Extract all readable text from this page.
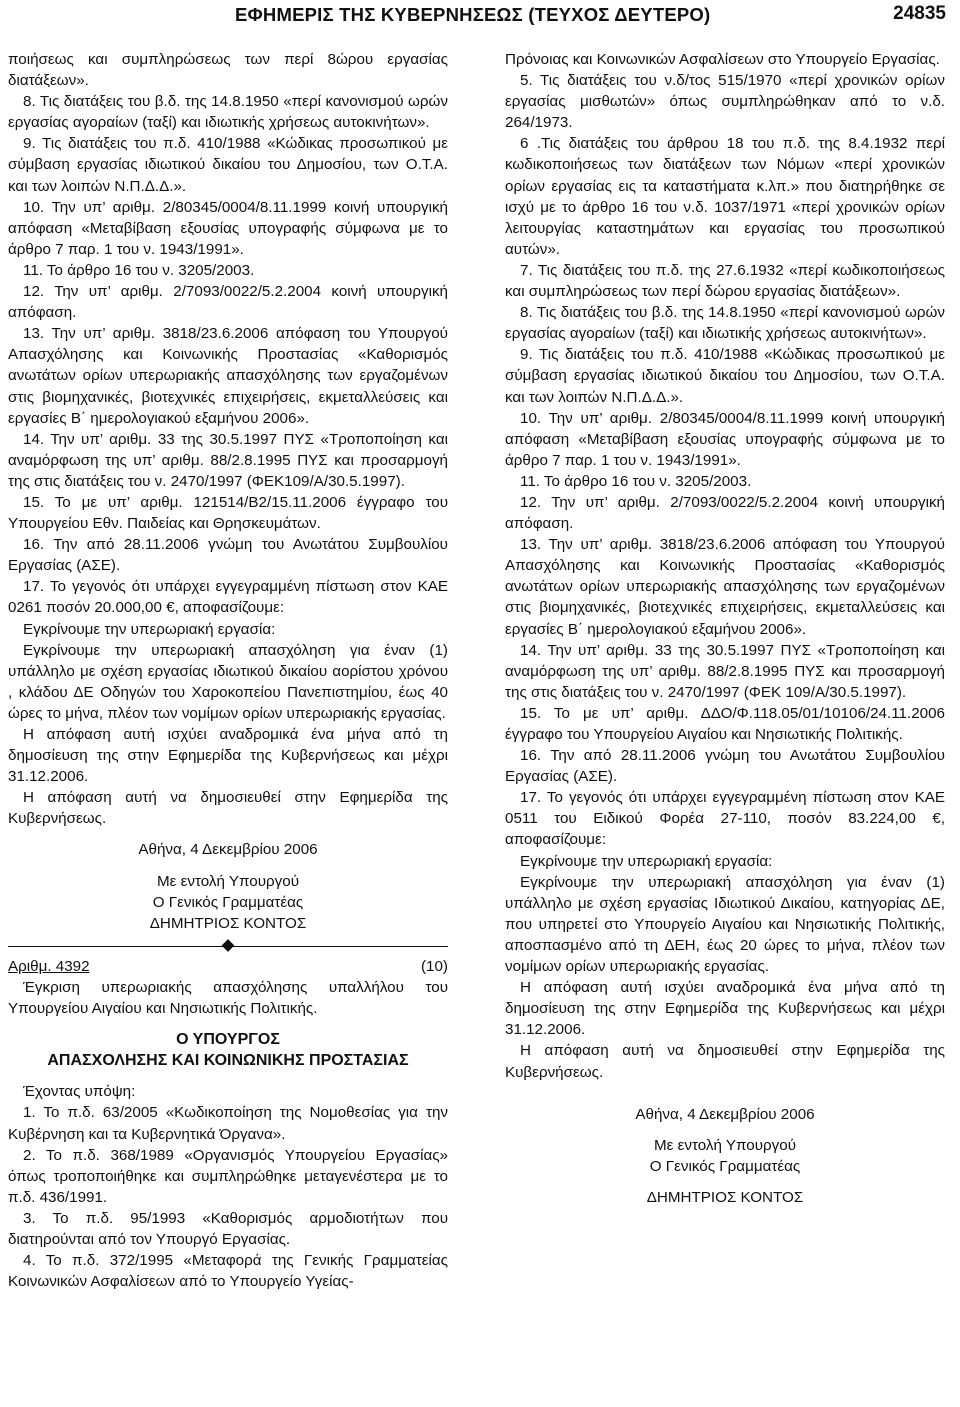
ΕΦΗΜΕΡΙΣ ΤΗΣ ΚΥΒΕΡΝΗΣΕΩΣ (ΤΕΥΧΟΣ ΔΕΥΤΕΡΟ)	24835

ποιήσεως και συμπληρώσεως των περί 8ώρου εργασίας διατάξεων».

8. Τις διατάξεις του β.δ. της 14.8.1950 «περί κανονισμού ωρών εργασίας αγοραίων (ταξί) και ιδιωτικής χρήσεως αυτοκινήτων».

9. Τις διατάξεις του π.δ. 410/1988 «Κώδικας προσωπικού με σύμβαση εργασίας ιδιωτικού δικαίου του Δημοσίου, των Ο.Τ.Α. και των λοιπών Ν.Π.Δ.Δ.».

10. Την υπ’ αριθμ. 2/80345/0004/8.11.1999 κοινή υπουργική απόφαση «Μεταβίβαση εξουσίας υπογραφής σύμφωνα με το άρθρο 7 παρ. 1 του ν. 1943/1991».

11. Το άρθρο 16 του ν. 3205/2003.

12. Την υπ’ αριθμ. 2/7093/0022/5.2.2004 κοινή υπουργική απόφαση.

13. Την υπ’ αριθμ. 3818/23.6.2006 απόφαση του Υπουργού Απασχόλησης και Κοινωνικής Προστασίας «Καθορισμός ανωτάτων ορίων υπερωριακής απασχόλησης των εργαζομένων στις βιομηχανικές, βιοτεχνικές επιχειρήσεις, εκμεταλλεύσεις και εργασίες Β΄ ημερολογιακού εξαμήνου 2006».

14. Την υπ’ αριθμ. 33 της 30.5.1997 ΠΥΣ «Τροποποίηση και αναμόρφωση της υπ’ αριθμ. 88/2.8.1995 ΠΥΣ και προσαρμογή της στις διατάξεις του ν. 2470/1997 (ΦΕΚ109/Α/30.5.1997).

15. Το με υπ’ αριθμ. 121514/Β2/15.11.2006 έγγραφο του Υπουργείου Εθν. Παιδείας και Θρησκευμάτων.

16. Την από 28.11.2006 γνώμη του Ανωτάτου Συμβουλίου Εργασίας (ΑΣΕ).

17. Το γεγονός ότι υπάρχει εγγεγραμμένη πίστωση στον ΚΑΕ 0261 ποσόν 20.000,00 €, αποφασίζουμε:

Εγκρίνουμε την υπερωριακή εργασία:

Εγκρίνουμε την υπερωριακή απασχόληση για έναν (1) υπάλληλο με σχέση εργασίας ιδιωτικού δικαίου αορίστου χρόνου , κλάδου ΔΕ Οδηγών του Χαροκοπείου Πανεπιστημίου, έως 40 ώρες το μήνα, πλέον των νομίμων ορίων υπερωριακής εργασίας.

Η απόφαση αυτή ισχύει αναδρομικά ένα μήνα από τη δημοσίευση της στην Εφημερίδα της Κυβερνήσεως και μέχρι 31.12.2006.

Η απόφαση αυτή να δημοσιευθεί στην Εφημερίδα της Κυβερνήσεως.

Αθήνα, 4 Δεκεμβρίου 2006

Με εντολή Υπουργού

Ο Γενικός Γραμματέας

ΔΗΜΗΤΡΙΟΣ ΚΟΝΤΟΣ

Αριθμ. 4392	(10)

Έγκριση υπερωριακής απασχόλησης υπαλλήλου του Υπουργείου Αιγαίου και Νησιωτικής Πολιτικής.

Ο ΥΠΟΥΡΓΟΣ

ΑΠΑΣΧΟΛΗΣΗΣ ΚΑΙ ΚΟΙΝΩΝΙΚΗΣ ΠΡΟΣΤΑΣΙΑΣ

Έχοντας υπόψη:

1. Το π.δ. 63/2005 «Κωδικοποίηση της Νομοθεσίας για την Κυβέρνηση και τα Κυβερνητικά Όργανα».

2. Το π.δ. 368/1989 «Οργανισμός Υπουργείου Εργασίας» όπως τροποποιήθηκε και συμπληρώθηκε μεταγενέστερα με το π.δ. 436/1991.

3. Το π.δ. 95/1993 «Καθορισμός αρμοδιοτήτων που διατηρούνται από τον Υπουργό Εργασίας.

4. Το π.δ. 372/1995 «Μεταφορά της Γενικής Γραμματείας Κοινωνικών Ασφαλίσεων από το Υπουργείο Υγείας-

Πρόνοιας και Κοινωνικών Ασφαλίσεων στο Υπουργείο Εργασίας.

5. Τις διατάξεις του ν.δ/τος 515/1970 «περί χρονικών ορίων εργασίας μισθωτών» όπως συμπληρώθηκαν από το ν.δ. 264/1973.

6 .Τις διατάξεις του άρθρου 18 του π.δ. της 8.4.1932 περί κωδικοποιήσεως των διατάξεων των Νόμων «περί χρονικών ορίων εργασίας εις τα καταστήματα κ.λπ.» που διατηρήθηκε σε ισχύ με το άρθρο 16 του ν.δ. 1037/1971 «περί χρονικών ορίων λειτουργίας καταστημάτων και εργασίας του προσωπικού αυτών».

7. Τις διατάξεις του π.δ. της 27.6.1932 «περί κωδικοποιήσεως και συμπληρώσεως των περί δώρου εργασίας διατάξεων».

8. Τις διατάξεις του β.δ. της 14.8.1950 «περί κανονισμού ωρών εργασίας αγοραίων (ταξί) και ιδιωτικής χρήσεως αυτοκινήτων».

9. Τις διατάξεις του π.δ. 410/1988 «Κώδικας προσωπικού με σύμβαση εργασίας ιδιωτικού δικαίου του Δημοσίου, των Ο.Τ.Α. και των λοιπών Ν.Π.Δ.Δ.».

10. Την υπ’ αριθμ. 2/80345/0004/8.11.1999 κοινή υπουργική απόφαση «Μεταβίβαση εξουσίας υπογραφής σύμφωνα με το άρθρο 7 παρ. 1 του ν. 1943/1991».

11. Το άρθρο 16 του ν. 3205/2003.

12. Την υπ’ αριθμ. 2/7093/0022/5.2.2004 κοινή υπουργική απόφαση.

13. Την υπ’ αριθμ. 3818/23.6.2006 απόφαση του Υπουργού Απασχόλησης και Κοινωνικής Προστασίας «Καθορισμός ανωτάτων ορίων υπερωριακής απασχόλησης των εργαζομένων στις βιομηχανικές, βιοτεχνικές επιχειρήσεις, εκμεταλλεύσεις και εργασίες Β΄ ημερολογιακού εξαμήνου 2006».

14. Την υπ’ αριθμ. 33 της 30.5.1997 ΠΥΣ «Τροποποίηση και αναμόρφωση της υπ’ αριθμ. 88/2.8.1995 ΠΥΣ και προσαρμογή της στις διατάξεις του ν. 2470/1997 (ΦΕΚ 109/Α/30.5.1997).

15. Το με υπ’ αριθμ. ΔΔΟ/Φ.118.05/01/10106/24.11.2006 έγγραφο του Υπουργείου Αιγαίου και Νησιωτικής Πολιτικής.

16. Την από 28.11.2006 γνώμη του Ανωτάτου Συμβουλίου Εργασίας (ΑΣΕ).

17. Το γεγονός ότι υπάρχει εγγεγραμμένη πίστωση στον ΚΑΕ 0511 του Ειδικού Φορέα 27-110, ποσόν 83.224,00 €, αποφασίζουμε:

Εγκρίνουμε την υπερωριακή εργασία:

Εγκρίνουμε την υπερωριακή απασχόληση για έναν (1) υπάλληλο με σχέση εργασίας Ιδιωτικού Δικαίου, κατηγορίας ΔΕ, που υπηρετεί στο Υπουργείο Αιγαίου και Νησιωτικής Πολιτικής, αποσπασμένο από τη ΔΕΗ, έως 20 ώρες το μήνα, πλέον των νομίμων ορίων υπερωριακής εργασίας.

Η απόφαση αυτή ισχύει αναδρομικά ένα μήνα από τη δημοσίευση της στην Εφημερίδα της Κυβερνήσεως και μέχρι 31.12.2006.

Η απόφαση αυτή να δημοσιευθεί στην Εφημερίδα της Κυβερνήσεως.

Αθήνα, 4 Δεκεμβρίου 2006

Με εντολή Υπουργού

Ο Γενικός Γραμματέας

ΔΗΜΗΤΡΙΟΣ ΚΟΝΤΟΣ
